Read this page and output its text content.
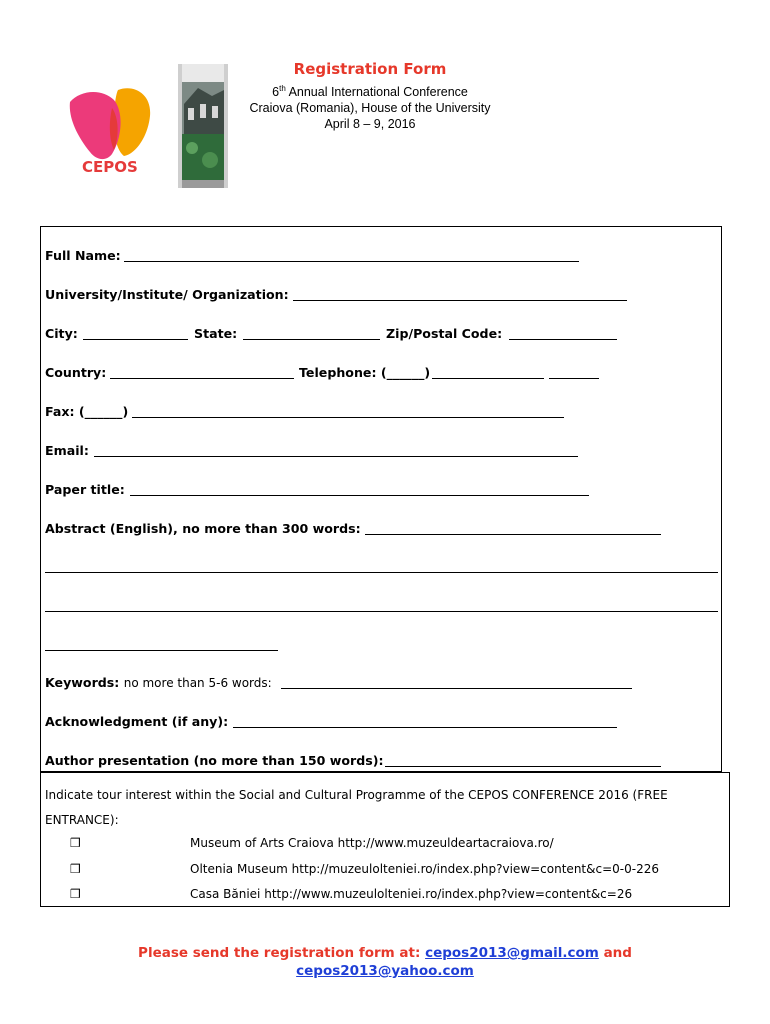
CEPOS
Registration Form
6th Annual International Conference
Craiova (Romania), House of the University
April 8 – 9, 2016
Full Name:
University/Institute/ Organization:
City:	State:	Zip/Postal Code:
Country:	Telephone: (______)
Fax: (______)
Email:
Paper title:
Abstract (English), no more than 300 words:
Keywords: no more than 5-6 words:
Acknowledgment (if any):
Author presentation (no more than 150 words):
Indicate tour interest within the Social and Cultural Programme of the CEPOS CONFERENCE 2016 (FREE ENTRANCE):
❒	Museum of Arts Craiova http://www.muzeuldeartacraiova.ro/
❒	Oltenia Museum http://muzeulolteniei.ro/index.php?view=content&c=0-0-226
❒	Casa Băniei http://www.muzeulolteniei.ro/index.php?view=content&c=26
Please send the registration form at: cepos2013@gmail.com and
cepos2013@yahoo.com
